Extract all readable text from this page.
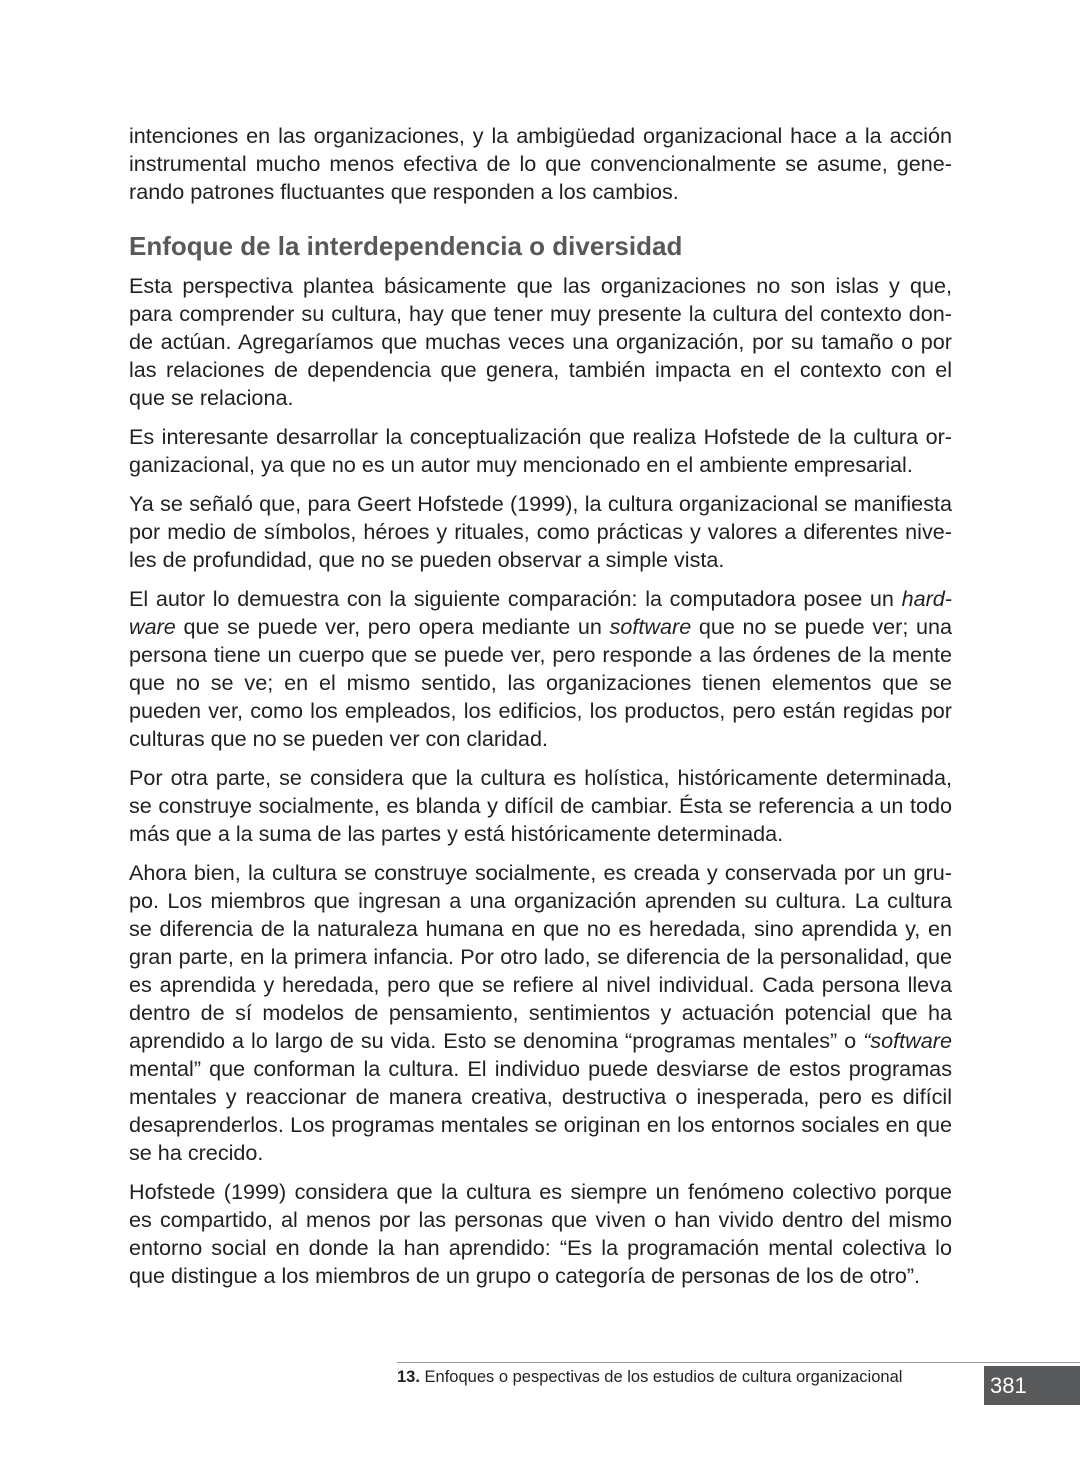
intenciones en las organizaciones, y la ambigüedad organizacional hace a la acción instrumental mucho menos efectiva de lo que convencionalmente se asume, generando patrones fluctuantes que responden a los cambios.

Enfoque de la interdependencia o diversidad

Esta perspectiva plantea básicamente que las organizaciones no son islas y que, para comprender su cultura, hay que tener muy presente la cultura del contexto donde actúan. Agregaríamos que muchas veces una organización, por su tamaño o por las relaciones de dependencia que genera, también impacta en el contexto con el que se relaciona.

Es interesante desarrollar la conceptualización que realiza Hofstede de la cultura organizacional, ya que no es un autor muy mencionado en el ambiente empresarial.

Ya se señaló que, para Geert Hofstede (1999), la cultura organizacional se manifiesta por medio de símbolos, héroes y rituales, como prácticas y valores a diferentes niveles de profundidad, que no se pueden observar a simple vista.

El autor lo demuestra con la siguiente comparación: la computadora posee un hardware que se puede ver, pero opera mediante un software que no se puede ver; una persona tiene un cuerpo que se puede ver, pero responde a las órdenes de la mente que no se ve; en el mismo sentido, las organizaciones tienen elementos que se pueden ver, como los empleados, los edificios, los productos, pero están regidas por culturas que no se pueden ver con claridad.

Por otra parte, se considera que la cultura es holística, históricamente determinada, se construye socialmente, es blanda y difícil de cambiar. Ésta se referencia a un todo más que a la suma de las partes y está históricamente determinada.

Ahora bien, la cultura se construye socialmente, es creada y conservada por un grupo. Los miembros que ingresan a una organización aprenden su cultura. La cultura se diferencia de la naturaleza humana en que no es heredada, sino aprendida y, en gran parte, en la primera infancia. Por otro lado, se diferencia de la personalidad, que es aprendida y heredada, pero que se refiere al nivel individual. Cada persona lleva dentro de sí modelos de pensamiento, sentimientos y actuación potencial que ha aprendido a lo largo de su vida. Esto se denomina “programas mentales” o “software mental” que conforman la cultura. El individuo puede desviarse de estos programas mentales y reaccionar de manera creativa, destructiva o inesperada, pero es difícil desaprenderlos. Los programas mentales se originan en los entornos sociales en que se ha crecido.

Hofstede (1999) considera que la cultura es siempre un fenómeno colectivo porque es compartido, al menos por las personas que viven o han vivido dentro del mismo entorno social en donde la han aprendido: “Es la programación mental colectiva lo que distingue a los miembros de un grupo o categoría de personas de los de otro”.

13. Enfoques o pespectivas de los estudios de cultura organizacional	381
